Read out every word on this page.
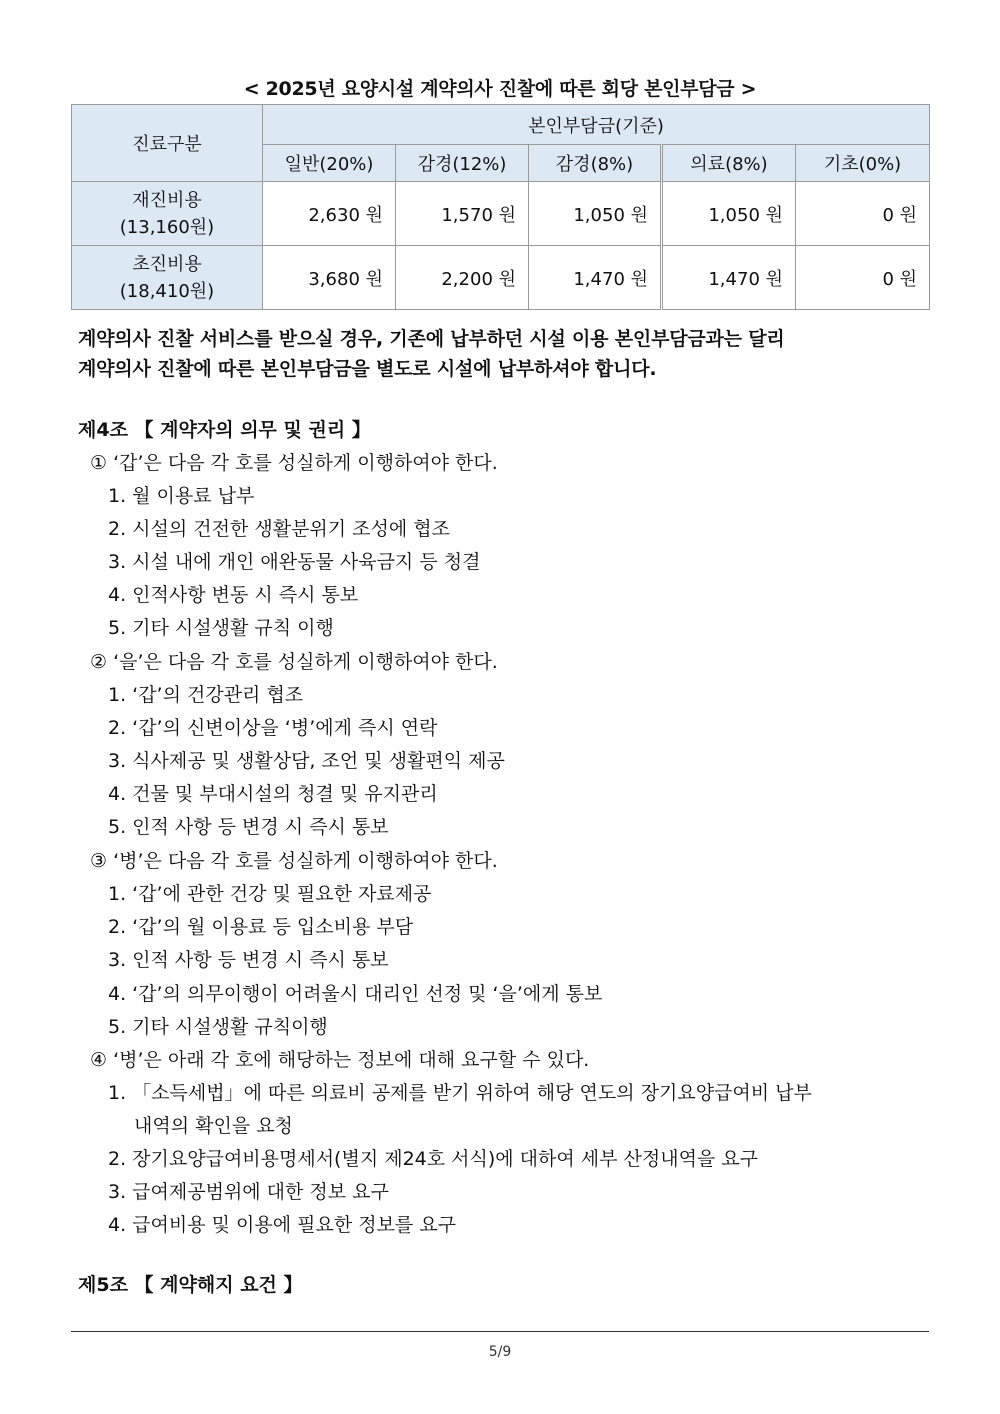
< 2025년 요양시설 계약의사 진찰에 따른 회당 본인부담금 >
진료구분	본인부담금(기준)				
	일반(20%)	감경(12%)	감경(8%)	의료(8%)	기초(0%)

재진비용
(13,160원)	2,630 원	1,570 원	1,050 원	1,050 원	0 원

초진비용
(18,410원)	3,680 원	2,200 원	1,470 원	1,470 원	0 원
계약의사 진찰 서비스를 받으실 경우, 기존에 납부하던 시설 이용 본인부담금과는 달리
계약의사 진찰에 따른 본인부담금을 별도로 시설에 납부하셔야 합니다.
제4조 【 계약자의 의무 및 권리 】
① ‘갑’은 다음 각 호를 성실하게 이행하여야 한다.
1. 월 이용료 납부
2. 시설의 건전한 생활분위기 조성에 협조
3. 시설 내에 개인 애완동물 사육금지 등 청결
4. 인적사항 변동 시 즉시 통보
5. 기타 시설생활 규칙 이행
② ‘을’은 다음 각 호를 성실하게 이행하여야 한다.
1. ‘갑’의 건강관리 협조
2. ‘갑’의 신변이상을 ‘병’에게 즉시 연락
3. 식사제공 및 생활상담, 조언 및 생활편익 제공
4. 건물 및 부대시설의 청결 및 유지관리
5. 인적 사항 등 변경 시 즉시 통보
③ ‘병’은 다음 각 호를 성실하게 이행하여야 한다.
1. ‘갑’에 관한 건강 및 필요한 자료제공
2. ‘갑’의 월 이용료 등 입소비용 부담
3. 인적 사항 등 변경 시 즉시 통보
4. ‘갑’의 의무이행이 어려울시 대리인 선정 및 ‘을’에게 통보
5. 기타 시설생활 규칙이행
④ ‘병’은 아래 각 호에 해당하는 정보에 대해 요구할 수 있다.
1. 「소득세법」에 따른 의료비 공제를 받기 위하여 해당 연도의 장기요양급여비 납부
내역의 확인을 요청
2. 장기요양급여비용명세서(별지 제24호 서식)에 대하여 세부 산정내역을 요구
3. 급여제공범위에 대한 정보 요구
4. 급여비용 및 이용에 필요한 정보를 요구
제5조 【 계약해지 요건 】
5/9
